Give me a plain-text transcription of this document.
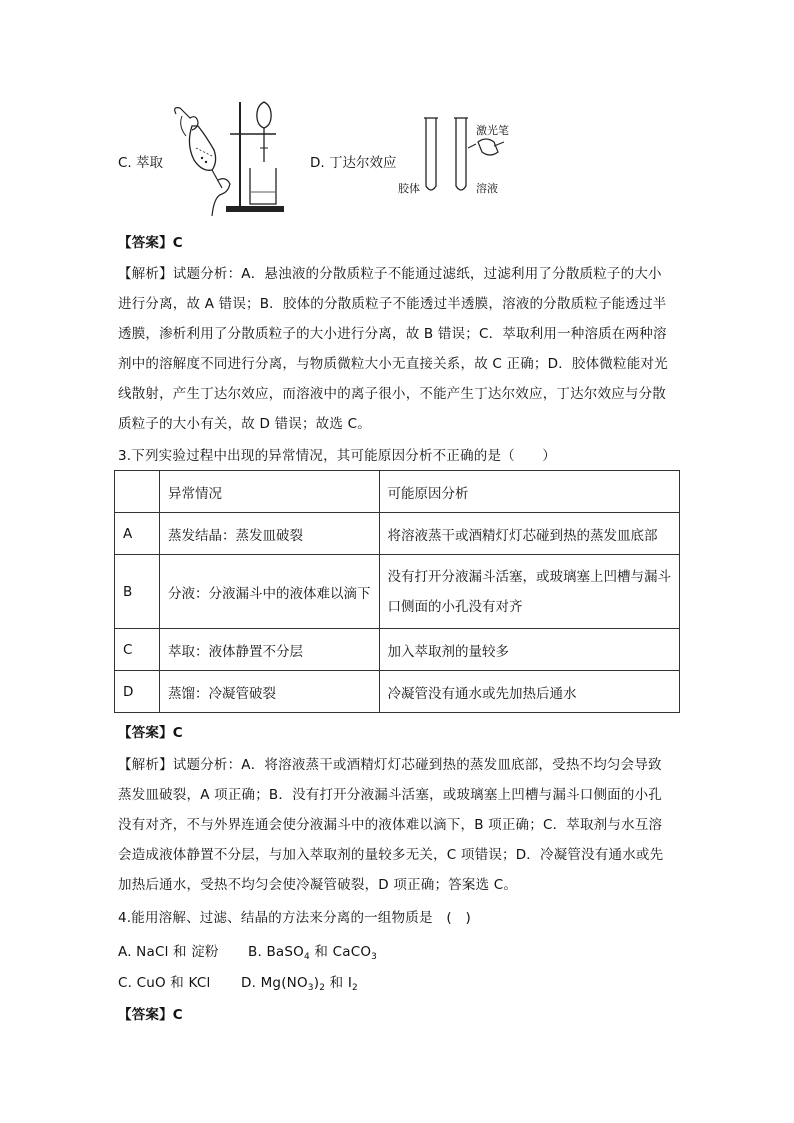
C. 萃取	D. 丁达尔效应
激光笔
胶体	溶液
【答案】C
【解析】试题分析：A．悬浊液的分散质粒子不能通过滤纸，过滤利用了分散质粒子的大小
进行分离，故 A 错误；B．胶体的分散质粒子不能透过半透膜，溶液的分散质粒子能透过半
透膜，渗析利用了分散质粒子的大小进行分离，故 B 错误；C．萃取利用一种溶质在两种溶
剂中的溶解度不同进行分离，与物质微粒大小无直接关系，故 C 正确；D．胶体微粒能对光
线散射，产生丁达尔效应，而溶液中的离子很小，不能产生丁达尔效应，丁达尔效应与分散
质粒子的大小有关，故 D 错误；故选 C。
3.下列实验过程中出现的异常情况，其可能原因分析不正确的是（　　）
	异常情况	可能原因分析
A	蒸发结晶：蒸发皿破裂	将溶液蒸干或酒精灯灯芯碰到热的蒸发皿底部
B	分液：分液漏斗中的液体难以滴下	没有打开分液漏斗活塞，或玻璃塞上凹槽与漏斗
口侧面的小孔没有对齐

C	萃取：液体静置不分层	加入萃取剂的量较多
D	蒸馏：冷凝管破裂	冷凝管没有通水或先加热后通水
【答案】C
【解析】试题分析：A．将溶液蒸干或酒精灯灯芯碰到热的蒸发皿底部，受热不均匀会导致
蒸发皿破裂，A 项正确；B．没有打开分液漏斗活塞，或玻璃塞上凹槽与漏斗口侧面的小孔
没有对齐，不与外界连通会使分液漏斗中的液体难以滴下，B 项正确；C．萃取剂与水互溶
会造成液体静置不分层，与加入萃取剂的量较多无关，C 项错误；D．冷凝管没有通水或先
加热后通水，受热不均匀会使冷凝管破裂，D 项正确；答案选 C。
4.能用溶解、过滤、结晶的方法来分离的一组物质是　(　)
A. NaCl 和 淀粉 B. BaSO$_4$ 和 CaCO$_3$
C. CuO 和 KCl D. $Mg(NO_3)_2$ 和 $I_2$
【答案】C
